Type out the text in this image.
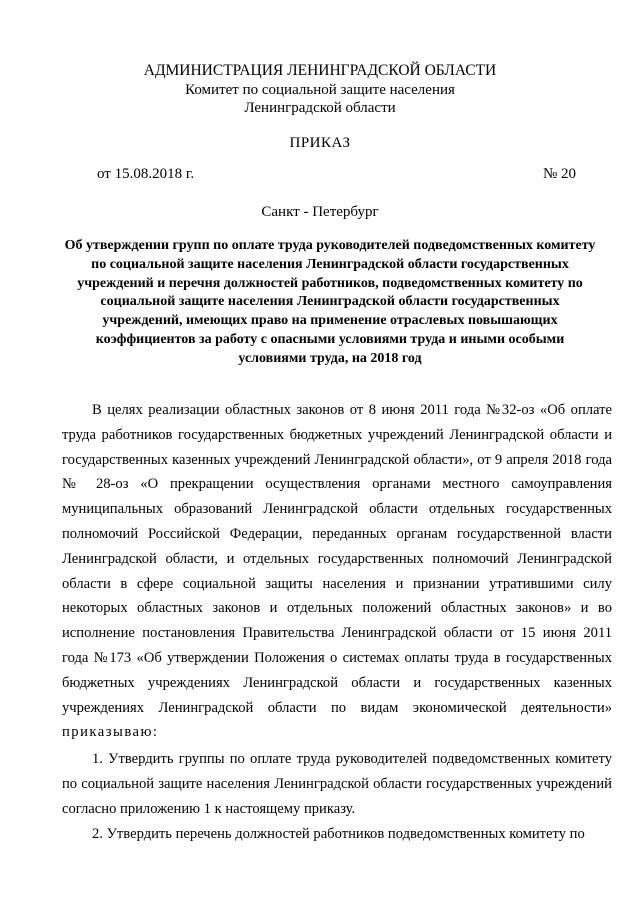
АДМИНИСТРАЦИЯ ЛЕНИНГРАДСКОЙ ОБЛАСТИ
Комитет по социальной защите населения
Ленинградской области
ПРИКАЗ
от 15.08.2018 г.	№ 20
Санкт - Петербург
Об утверждении групп по оплате труда руководителей подведомственных комитету по социальной защите населения Ленинградской области государственных учреждений и перечня должностей работников, подведомственных комитету по социальной защите населения Ленинградской области государственных учреждений, имеющих право на применение отраслевых повышающих коэффициентов за работу с опасными условиями труда и иными особыми условиями труда, на 2018 год

В целях реализации областных законов от 8 июня 2011 года №32-оз «Об оплате труда работников государственных бюджетных учреждений Ленинградской области и государственных казенных учреждений Ленинградской области», от 9 апреля 2018 года № 28-оз «О прекращении осуществления органами местного самоуправления муниципальных образований Ленинградской области отдельных государственных полномочий Российской Федерации, переданных органам государственной власти Ленинградской области, и отдельных государственных полномочий Ленинградской области в сфере социальной защиты населения и признании утратившими силу некоторых областных законов и отдельных положений областных законов» и во исполнение постановления Правительства Ленинградской области от 15 июня 2011 года №173 «Об утверждении Положения о системах оплаты труда в государственных бюджетных учреждениях Ленинградской области и государственных казенных учреждениях Ленинградской области по видам экономической деятельности» приказываю:

1. Утвердить группы по оплате труда руководителей подведомственных комитету по социальной защите населения Ленинградской области государственных учреждений согласно приложению 1 к настоящему приказу.

2. Утвердить перечень должностей работников подведомственных комитету по
